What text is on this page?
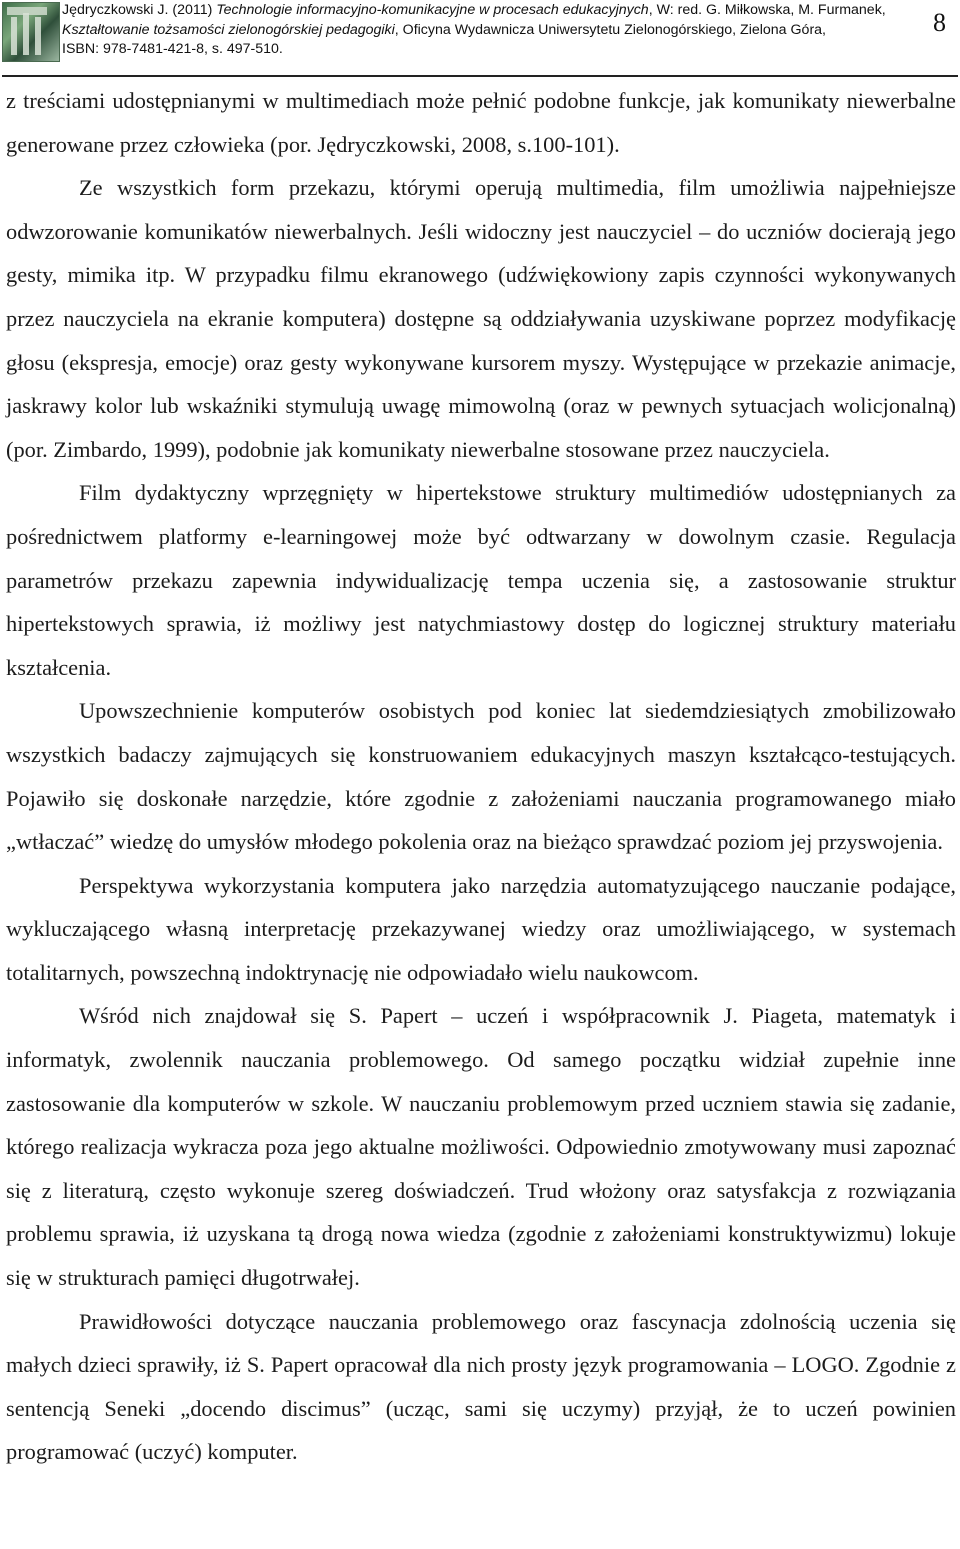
Jędryczkowski J. (2011) Technologie informacyjno-komunikacyjne w procesach edukacyjnych, W: red. G. Miłkowska, M. Furmanek,
Kształtowanie tożsamości zielonogórskiej pedagogiki, Oficyna Wydawnicza Uniwersytetu Zielonogórskiego, Zielona Góra,
ISBN: 978-7481-421-8, s. 497-510.
8

z treściami udostępnianymi w multimediach może pełnić podobne funkcje, jak komunikaty niewerbalne generowane przez człowieka (por. Jędryczkowski, 2008, s.100-101).

Ze wszystkich form przekazu, którymi operują multimedia, film umożliwia najpełniejsze odwzorowanie komunikatów niewerbalnych. Jeśli widoczny jest nauczyciel – do uczniów docierają jego gesty, mimika itp. W przypadku filmu ekranowego (udźwiękowiony zapis czynności wykonywanych przez nauczyciela na ekranie komputera) dostępne są oddziaływania uzyskiwane poprzez modyfikację głosu (ekspresja, emocje) oraz gesty wykonywane kursorem myszy. Występujące w przekazie animacje, jaskrawy kolor lub wskaźniki stymulują uwagę mimowolną (oraz w pewnych sytuacjach wolicjonalną) (por. Zimbardo, 1999), podobnie jak komunikaty niewerbalne stosowane przez nauczyciela.

Film dydaktyczny wprzęgnięty w hipertekstowe struktury multimediów udostępnianych za pośrednictwem platformy e-learningowej może być odtwarzany w dowolnym czasie. Regulacja parametrów przekazu zapewnia indywidualizację tempa uczenia się, a zastosowanie struktur hipertekstowych sprawia, iż możliwy jest natychmiastowy dostęp do logicznej struktury materiału kształcenia.

Upowszechnienie komputerów osobistych pod koniec lat siedemdziesiątych zmobilizowało wszystkich badaczy zajmujących się konstruowaniem edukacyjnych maszyn kształcąco-testujących. Pojawiło się doskonałe narzędzie, które zgodnie z założeniami nauczania programowanego miało „wtłaczać” wiedzę do umysłów młodego pokolenia oraz na bieżąco sprawdzać poziom jej przyswojenia.

Perspektywa wykorzystania komputera jako narzędzia automatyzującego nauczanie podające, wykluczającego własną interpretację przekazywanej wiedzy oraz umożliwiającego, w systemach totalitarnych, powszechną indoktrynację nie odpowiadało wielu naukowcom.

Wśród nich znajdował się S. Papert – uczeń i współpracownik J. Piageta, matematyk i informatyk, zwolennik nauczania problemowego. Od samego początku widział zupełnie inne zastosowanie dla komputerów w szkole. W nauczaniu problemowym przed uczniem stawia się zadanie, którego realizacja wykracza poza jego aktualne możliwości. Odpowiednio zmotywowany musi zapoznać się z literaturą, często wykonuje szereg doświadczeń. Trud włożony oraz satysfakcja z rozwiązania problemu sprawia, iż uzyskana tą drogą nowa wiedza (zgodnie z założeniami konstruktywizmu) lokuje się w strukturach pamięci długotrwałej.

Prawidłowości dotyczące nauczania problemowego oraz fascynacja zdolnością uczenia się małych dzieci sprawiły, iż S. Papert opracował dla nich prosty język programowania – LOGO. Zgodnie z sentencją Seneki „docendo discimus” (ucząc, sami się uczymy) przyjął, że to uczeń powinien programować (uczyć) komputer.
